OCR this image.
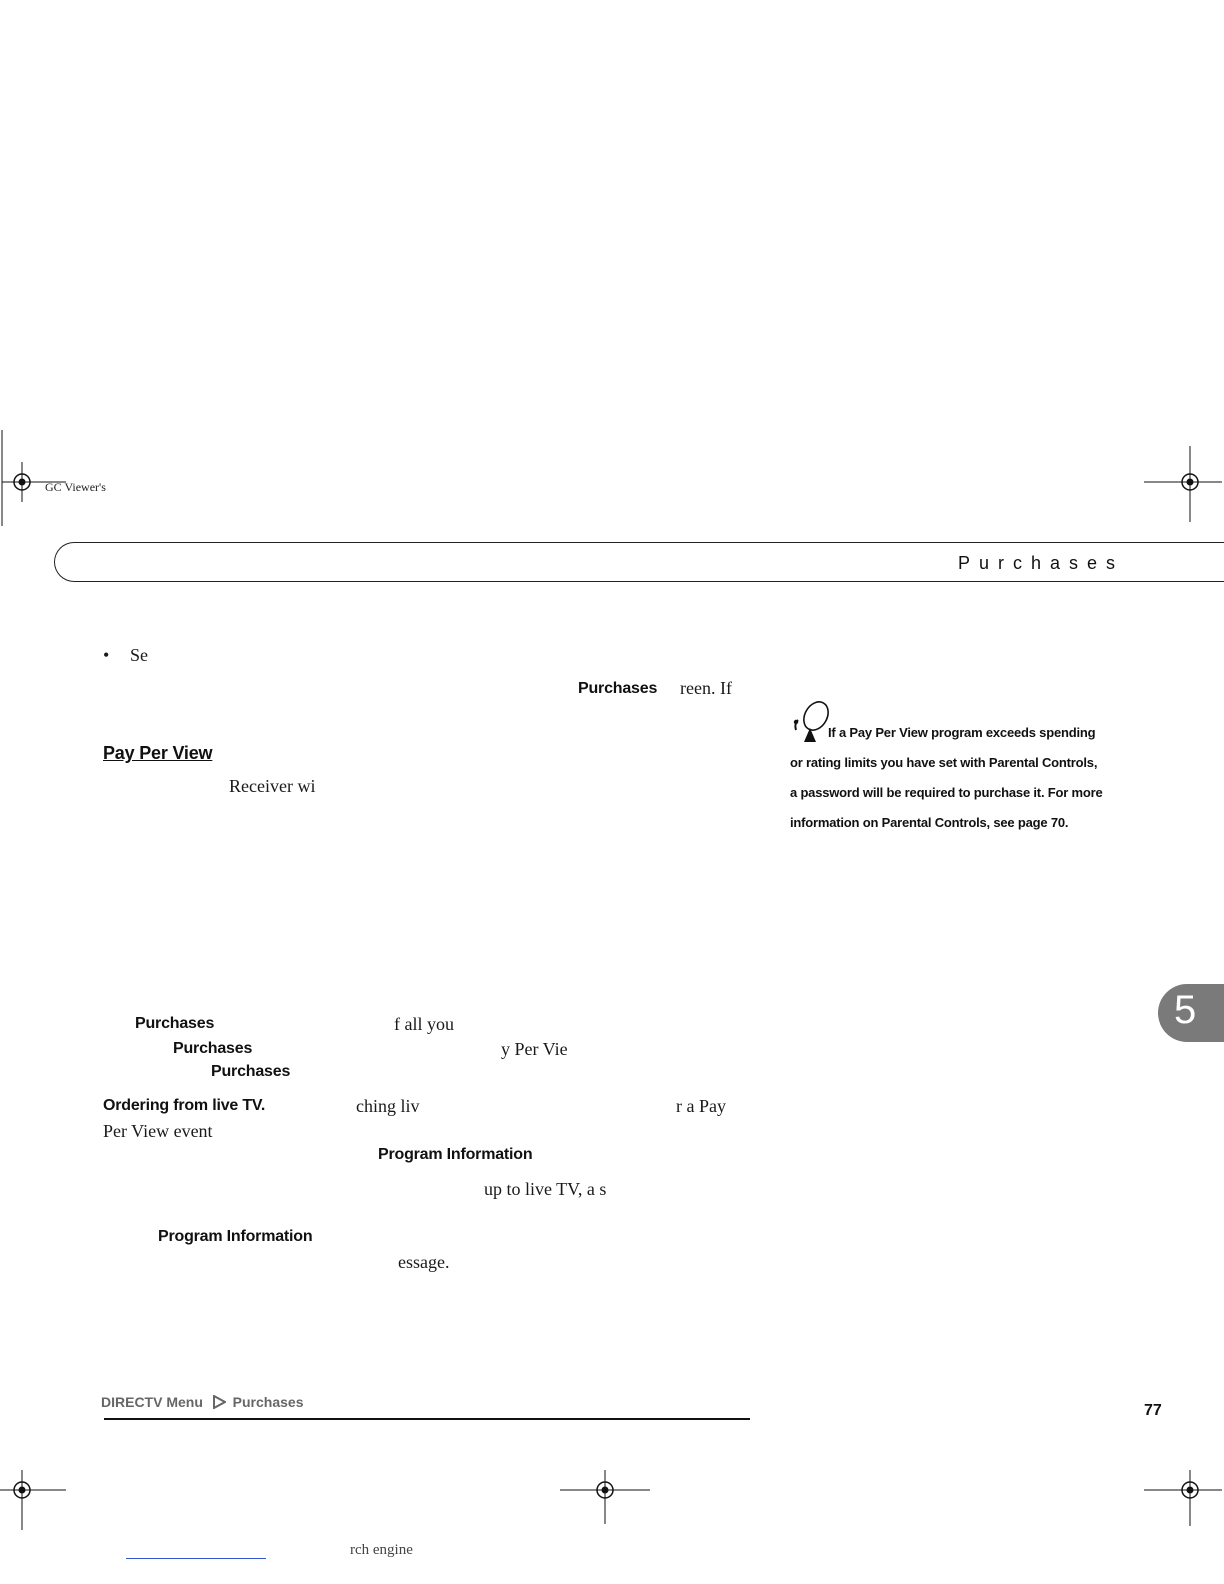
GC Viewer's
Purchases
• Se
Purchases reen. If
Pay Per View
Receiver wi
Purchases	f all you
Purchases	y Per Vie
Purchases
Ordering from live TV.	ching liv	r a Pay
Per View event
Program Information
up to live TV, a s
Program Information
essage.
If a Pay Per View program exceeds spending
or rating limits you have set with Parental Controls,
a password will be required to purchase it. For more
information on Parental Controls, see page 70.
5
DIRECTV Menu Purchases	77
rch engine
